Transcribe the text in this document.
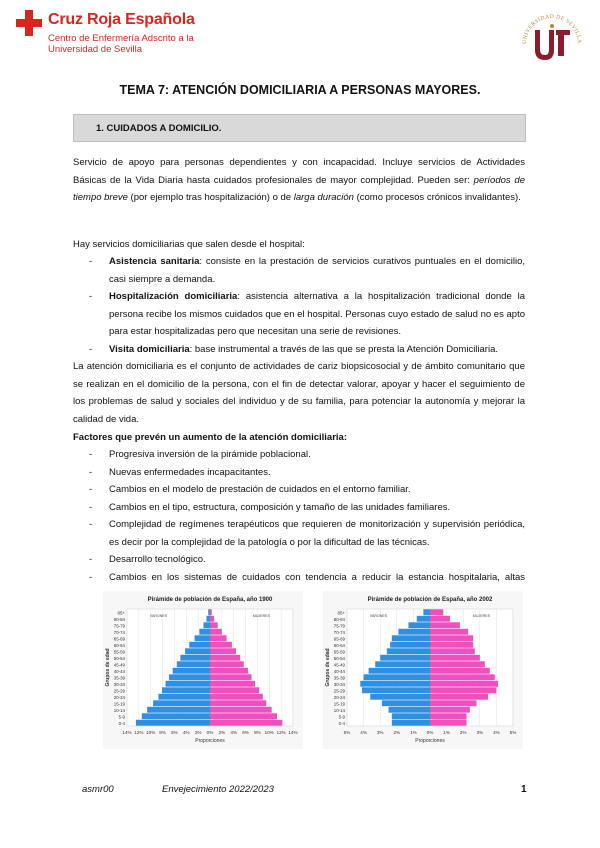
Cruz Roja Española
Centro de Enfermería Adscrito a la
Universidad de Sevilla
UNIVERSIDAD DE SEVILLA
TEMA 7: ATENCIÓN DOMICILIARIA A PERSONAS MAYORES.
1. CUIDADOS A DOMICILIO.
Servicio de apoyo para personas dependientes y con incapacidad. Incluye servicios de Actividades Básicas de la Vida Diaria hasta cuidados profesionales de mayor complejidad. Pueden ser: períodos de tiempo breve (por ejemplo tras hospitalización) o de larga duración (como procesos crónicos invalidantes).
Hay servicios domiciliarias que salen desde el hospital:
- Asistencia sanitaria: consiste en la prestación de servicios curativos puntuales en el domicilio, casi siempre a demanda.
- Hospitalización domiciliaria: asistencia alternativa a la hospitalización tradicional donde la persona recibe los mismos cuidados que en el hospital. Personas cuyo estado de salud no es apto para estar hospitalizadas pero que necesitan una serie de revisiones.
- Visita domiciliaria: base instrumental a través de las que se presta la Atención Domiciliaria.
La atención domiciliaria es el conjunto de actividades de cariz biopsicosocial y de ámbito comunitario que se realizan en el domicilio de la persona, con el fin de detectar valorar, apoyar y hacer el seguimiento de los problemas de salud y sociales del individuo y de su familia, para potenciar la autonomía y mejorar la calidad de vida.
Factores que prevén un aumento de la atención domiciliaria:
- Progresiva inversión de la pirámide poblacional.
- Nuevas enfermedades incapacitantes.
- Cambios en el modelo de prestación de cuidados en el entorno familiar.
- Cambios en el tipo, estructura, composición y tamaño de las unidades familiares.
- Complejidad de regímenes terapéuticos que requieren de monitorización y supervisión periódica, es decir por la complejidad de la patología o por la dificultad de las técnicas.
- Desarrollo tecnológico.
- Cambios en los sistemas de cuidados con tendencia a reducir la estancia hospitalaria, altas
Pirámide de población de España, año 1900
14% 12% 10% 8% 6% 4% 2% 0% 2% 4% 6% 8% 10% 12% 14%
VARONES	MUJERES
0-4
5-9
10-14
15-19
20-24
25-29
30-34
35-39
40-44
45-49
50-54
55-59
60-64
65-69
70-74
75-79
80-84
85+
Proporciones
Grupos de edad
Pirámide de población de España, año 2002
5% 4% 3% 2% 1% 0% 1% 2% 3% 4% 5%
VARONES	MUJERES
0-4
5-9
10-14
15-19
20-24
25-29
30-34
35-39
40-44
45-49
50-54
55-59
60-64
65-69
70-74
75-79
80-84
85+
Proporciones
Grupos de edad
asmr00	Envejecimiento 2022/2023	1
